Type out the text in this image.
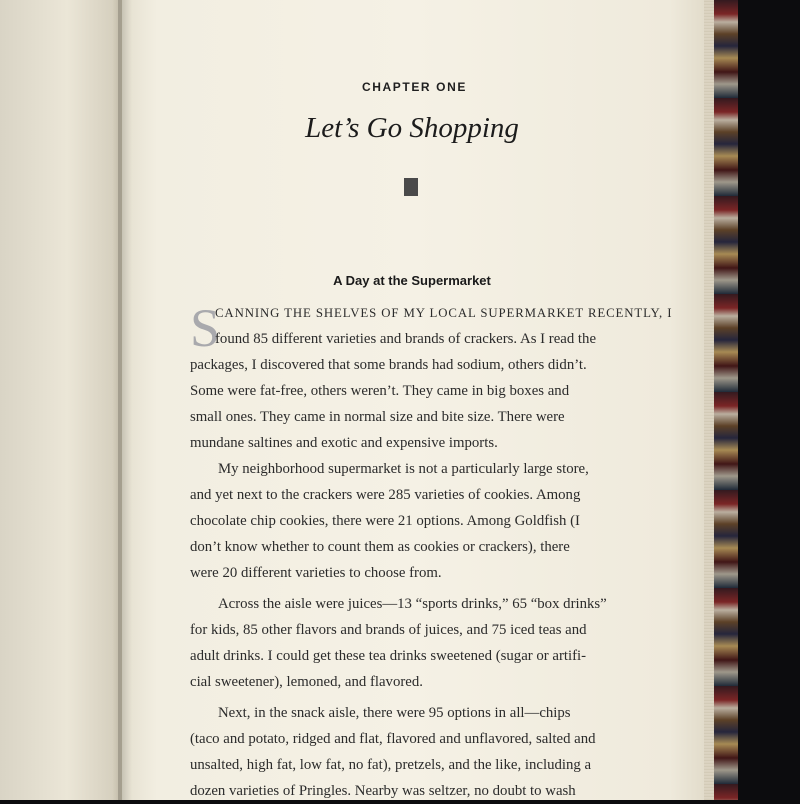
CHAPTER ONE
Let’s Go Shopping
A Day at the Supermarket
S
CANNING THE SHELVES OF MY LOCAL SUPERMARKET RECENTLY, I
found 85 different varieties and brands of crackers. As I read the
packages, I discovered that some brands had sodium, others didn’t.
Some were fat-free, others weren’t. They came in big boxes and
small ones. They came in normal size and bite size. There were
mundane saltines and exotic and expensive imports.
My neighborhood supermarket is not a particularly large store,
and yet next to the crackers were 285 varieties of cookies. Among
chocolate chip cookies, there were 21 options. Among Goldfish (I
don’t know whether to count them as cookies or crackers), there
were 20 different varieties to choose from.
Across the aisle were juices—13 “sports drinks,” 65 “box drinks”
for kids, 85 other flavors and brands of juices, and 75 iced teas and
adult drinks. I could get these tea drinks sweetened (sugar or artifi-
cial sweetener), lemoned, and flavored.
Next, in the snack aisle, there were 95 options in all—chips
(taco and potato, ridged and flat, flavored and unflavored, salted and
unsalted, high fat, low fat, no fat), pretzels, and the like, including a
dozen varieties of Pringles. Nearby was seltzer, no doubt to wash
